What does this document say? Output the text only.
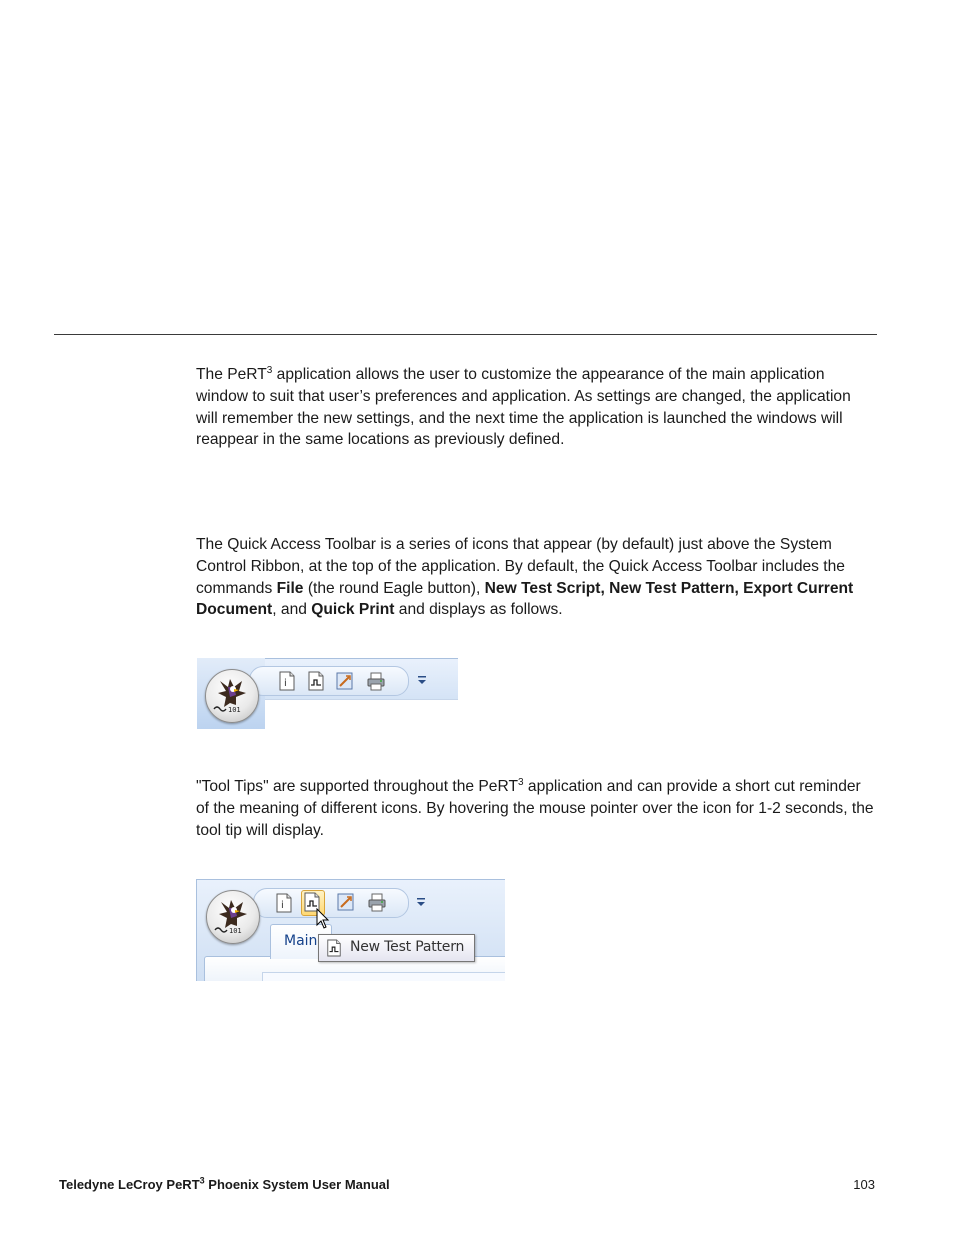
The PeRT$^3$ application allows the user to customize the appearance of the main application window to suit that user’s preferences and application. As settings are changed, the application will remember the new settings, and the next time the application is launched the windows will reappear in the same locations as previously defined.

The Quick Access Toolbar is a series of icons that appear (by default) just above the System Control Ribbon, at the top of the application. By default, the Quick Access Toolbar includes the commands File (the round Eagle button), New Test Script, New Test Pattern, Export Current Document, and Quick Print and displays as follows.

i

"Tool Tips" are supported throughout the PeRT$^3$ application and can provide a short cut reminder of the meaning of different icons. By hovering the mouse pointer over the icon for 1-2 seconds, the tool tip will display.

i
Main New Test Pattern
Teledyne LeCroy PeRT$^3$ Phoenix System User Manual	103
